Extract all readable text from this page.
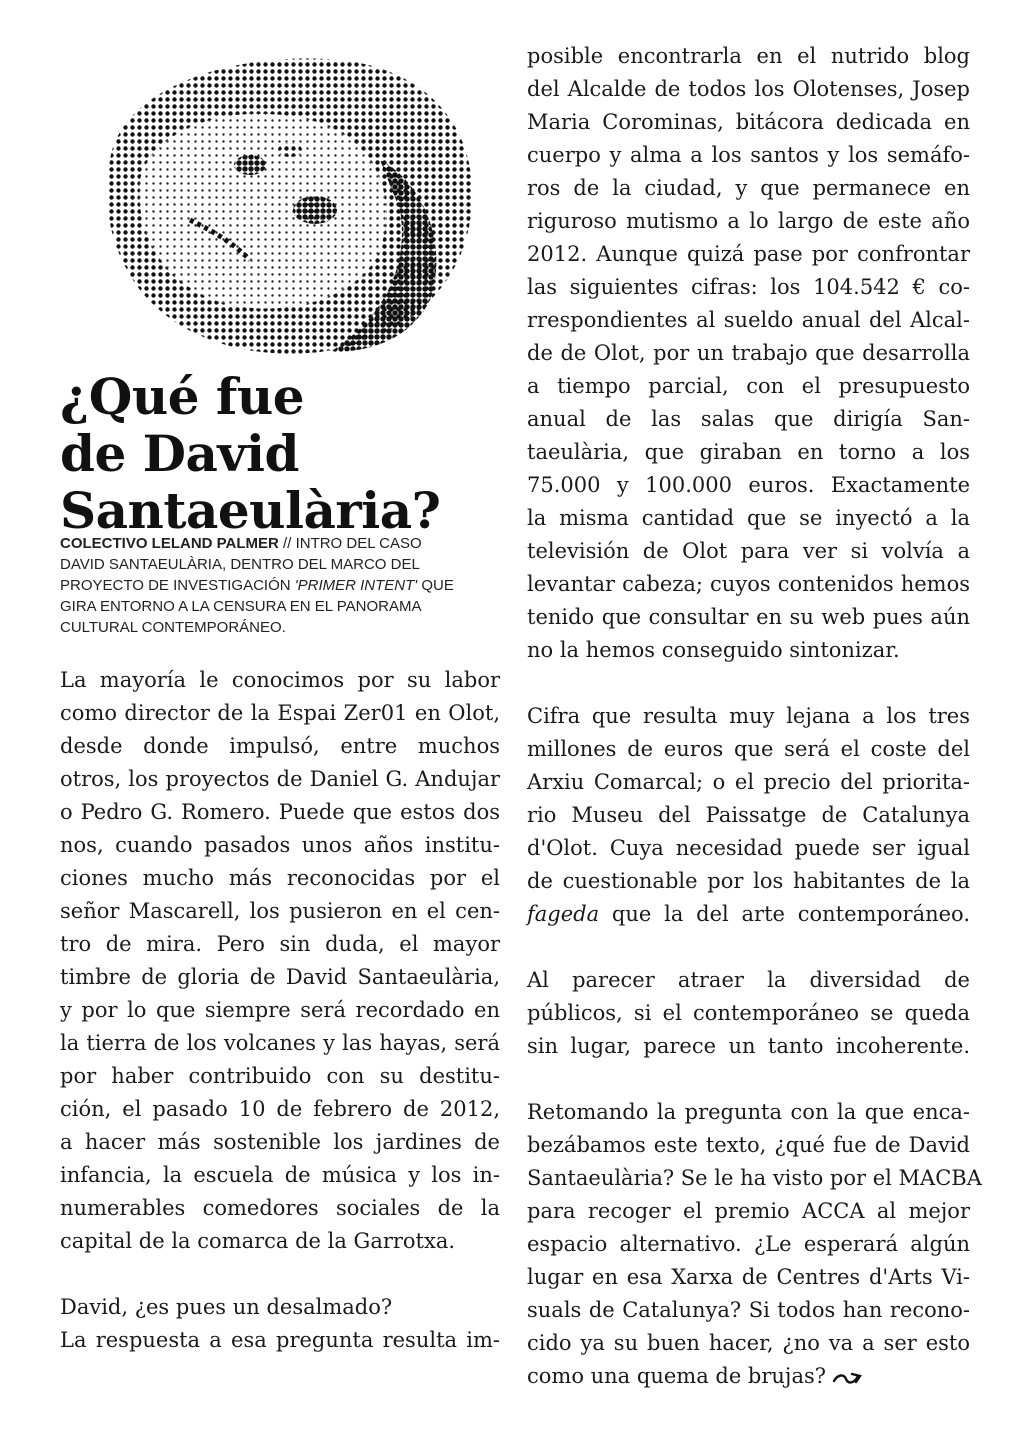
¿Qué fue
de David
Santaeulària?
COLECTIVO LELAND PALMER // INTRO DEL CASO
DAVID SANTAEULÀRIA, DENTRO DEL MARCO DEL
PROYECTO DE INVESTIGACIÓN 'PRIMER INTENT' QUE
GIRA ENTORNO A LA CENSURA EN EL PANORAMA
CULTURAL CONTEMPORÁNEO.
La mayoría le conocimos por su labor
como director de la Espai Zer01 en Olot,
desde donde impulsó, entre muchos
otros, los proyectos de Daniel G. Andujar
o Pedro G. Romero. Puede que estos dos
nos, cuando pasados unos años institu-
ciones mucho más reconocidas por el
señor Mascarell, los pusieron en el cen-
tro de mira. Pero sin duda, el mayor
timbre de gloria de David Santaeulària,
y por lo que siempre será recordado en
la tierra de los volcanes y las hayas, será
por haber contribuido con su destitu-
ción, el pasado 10 de febrero de 2012,
a hacer más sostenible los jardines de
infancia, la escuela de música y los in-
numerables comedores sociales de la
capital de la comarca de la Garrotxa.
David, ¿es pues un desalmado?
La respuesta a esa pregunta resulta im-
posible encontrarla en el nutrido blog
del Alcalde de todos los Olotenses, Josep
Maria Corominas, bitácora dedicada en
cuerpo y alma a los santos y los semáfo-
ros de la ciudad, y que permanece en
riguroso mutismo a lo largo de este año
2012. Aunque quizá pase por confrontar
las siguientes cifras: los 104.542 € co-
rrespondientes al sueldo anual del Alcal-
de de Olot, por un trabajo que desarrolla
a tiempo parcial, con el presupuesto
anual de las salas que dirigía San-
taeulària, que giraban en torno a los
75.000 y 100.000 euros. Exactamente
la misma cantidad que se inyectó a la
televisión de Olot para ver si volvía a
levantar cabeza; cuyos contenidos hemos
tenido que consultar en su web pues aún
no la hemos conseguido sintonizar.
Cifra que resulta muy lejana a los tres
millones de euros que será el coste del
Arxiu Comarcal; o el precio del priorita-
rio Museu del Paissatge de Catalunya
d'Olot. Cuya necesidad puede ser igual
de cuestionable por los habitantes de la
fageda que la del arte contemporáneo.
Al parecer atraer la diversidad de
públicos, si el contemporáneo se queda
sin lugar, parece un tanto incoherente.
Retomando la pregunta con la que enca-
bezábamos este texto, ¿qué fue de David
Santaeulària? Se le ha visto por el MACBA
para recoger el premio ACCA al mejor
espacio alternativo. ¿Le esperará algún
lugar en esa Xarxa de Centres d'Arts Vi-
suals de Catalunya? Si todos han recono-
cido ya su buen hacer, ¿no va a ser esto
como una quema de brujas?
